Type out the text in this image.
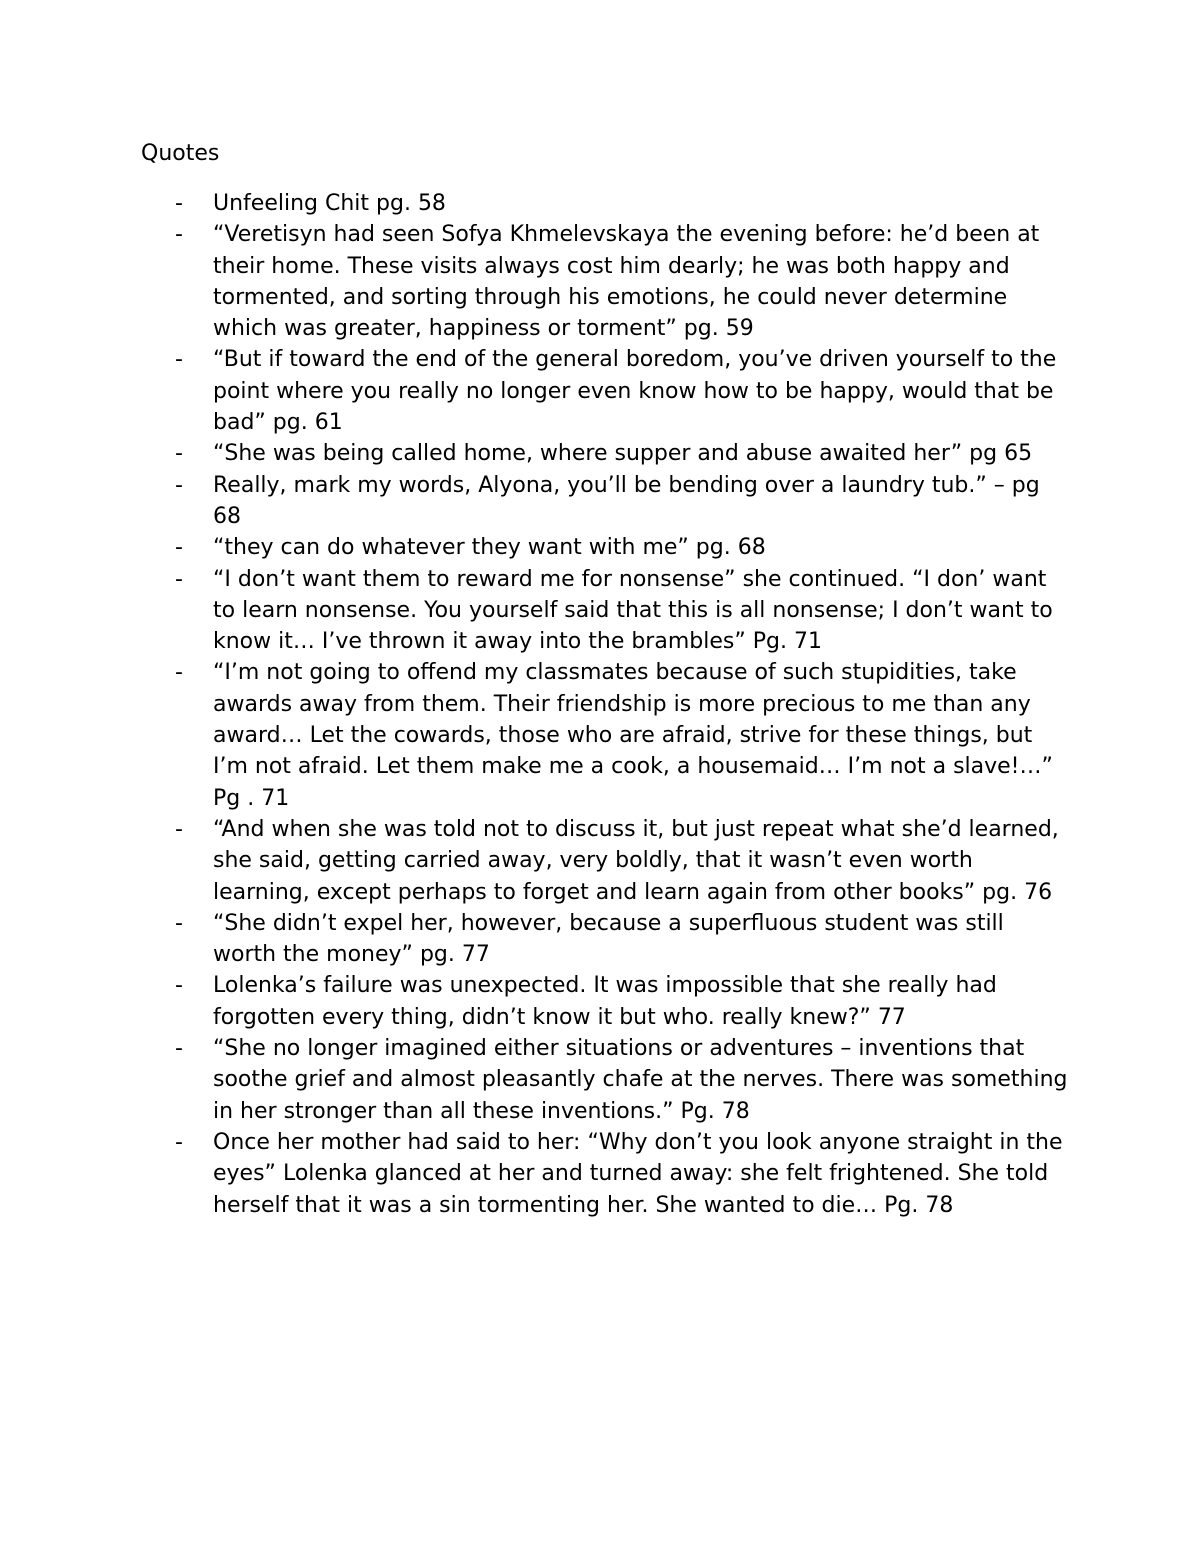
Quotes
- Unfeeling Chit pg. 58
- “Veretisyn had seen Sofya Khmelevskaya the evening before: he’d been at their home. These visits always cost him dearly; he was both happy and tormented, and sorting through his emotions, he could never determine which was greater, happiness or torment” pg. 59
- “But if toward the end of the general boredom, you’ve driven yourself to the point where you really no longer even know how to be happy, would that be bad” pg. 61
- “She was being called home, where supper and abuse awaited her” pg 65
- Really, mark my words, Alyona, you’ll be bending over a laundry tub.” – pg 68
- “they can do whatever they want with me” pg. 68
- “I don’t want them to reward me for nonsense” she continued. “I don’ want to learn nonsense. You yourself said that this is all nonsense; I don’t want to know it… I’ve thrown it away into the brambles” Pg. 71
- “I’m not going to offend my classmates because of such stupidities, take awards away from them. Their friendship is more precious to me than any award… Let the cowards, those who are afraid, strive for these things, but I’m not afraid. Let them make me a cook, a housemaid… I’m not a slave!…” Pg . 71
- “And when she was told not to discuss it, but just repeat what she’d learned, she said, getting carried away, very boldly, that it wasn’t even worth learning, except perhaps to forget and learn again from other books” pg. 76
- “She didn’t expel her, however, because a superfluous student was still worth the money” pg. 77
- Lolenka’s failure was unexpected. It was impossible that she really had forgotten every thing, didn’t know it but who. really knew?” 77
- “She no longer imagined either situations or adventures – inventions that soothe grief and almost pleasantly chafe at the nerves. There was something in her stronger than all these inventions.” Pg. 78
- Once her mother had said to her: “Why don’t you look anyone straight in the eyes” Lolenka glanced at her and turned away: she felt frightened. She told herself that it was a sin tormenting her. She wanted to die… Pg. 78
